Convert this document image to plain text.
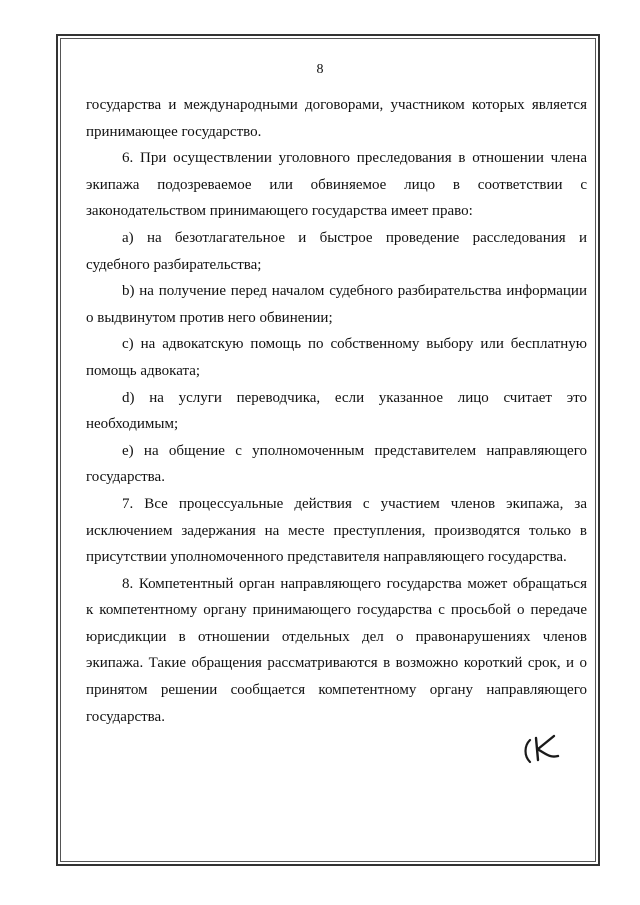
8

государства и международными договорами, участником которых является принимающее государство.

6. При осуществлении уголовного преследования в отношении члена экипажа подозреваемое или обвиняемое лицо в соответствии с законодательством принимающего государства имеет право:

a) на безотлагательное и быстрое проведение расследования и судебного разбирательства;

b) на получение перед началом судебного разбирательства информации о выдвинутом против него обвинении;

c) на адвокатскую помощь по собственному выбору или бесплатную помощь адвоката;

d) на услуги переводчика, если указанное лицо считает это необходимым;

e) на общение с уполномоченным представителем направляющего государства.

7. Все процессуальные действия с участием членов экипажа, за исключением задержания на месте преступления, производятся только в присутствии уполномоченного представителя направляющего государства.

8. Компетентный орган направляющего государства может обращаться к компетентному органу принимающего государства с просьбой о передаче юрисдикции в отношении отдельных дел о правонарушениях членов экипажа. Такие обращения рассматриваются в возможно короткий срок, и о принятом решении сообщается компетентному органу направляющего государства.
